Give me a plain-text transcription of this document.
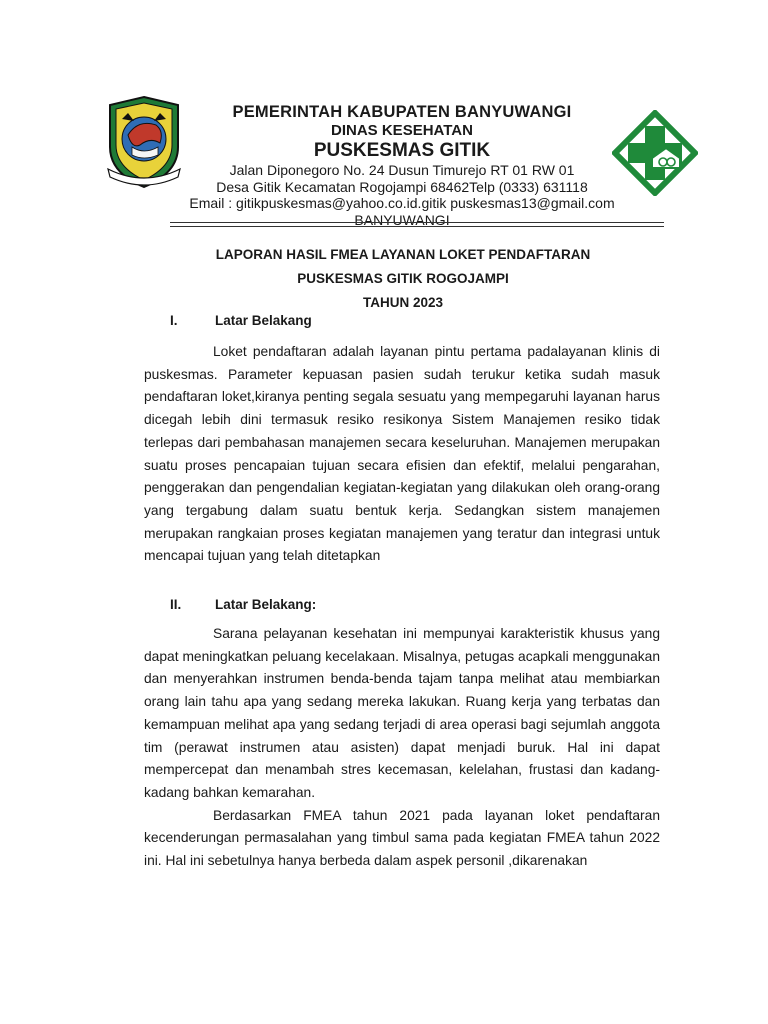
PEMERINTAH KABUPATEN BANYUWANGI
DINAS KESEHATAN
PUSKESMAS GITIK
Jalan Diponegoro No. 24 Dusun Timurejo RT 01 RW 01
Desa Gitik Kecamatan Rogojampi 68462Telp (0333) 631118
Email : gitikpuskesmas@yahoo.co.id.gitik puskesmas13@gmail.com
BANYUWANGI
LAPORAN HASIL FMEA LAYANAN LOKET PENDAFTARAN
PUSKESMAS GITIK ROGOJAMPI
TAHUN 2023
I.	Latar Belakang

Loket pendaftaran adalah layanan pintu pertama padalayanan klinis di puskesmas. Parameter kepuasan pasien sudah terukur ketika sudah masuk pendaftaran loket,kiranya penting segala sesuatu yang mempegaruhi layanan harus dicegah lebih dini termasuk resiko resikonya Sistem Manajemen resiko tidak terlepas dari pembahasan manajemen secara keseluruhan. Manajemen merupakan suatu proses pencapaian tujuan secara efisien dan efektif, melalui pengarahan, penggerakan dan pengendalian kegiatan-kegiatan yang dilakukan oleh orang-orang yang tergabung dalam suatu bentuk kerja. Sedangkan sistem manajemen merupakan rangkaian proses kegiatan manajemen yang teratur dan integrasi untuk mencapai tujuan yang telah ditetapkan

II. Latar Belakang:

Sarana pelayanan kesehatan ini mempunyai karakteristik khusus yang dapat meningkatkan peluang kecelakaan. Misalnya, petugas acapkali menggunakan dan menyerahkan instrumen benda-benda tajam tanpa melihat atau membiarkan orang lain tahu apa yang sedang mereka lakukan. Ruang kerja yang terbatas dan kemampuan melihat apa yang sedang terjadi di area operasi bagi sejumlah anggota tim (perawat instrumen atau asisten) dapat menjadi buruk. Hal ini dapat mempercepat dan menambah stres kecemasan, kelelahan, frustasi dan kadang-kadang bahkan kemarahan.

Berdasarkan FMEA tahun 2021 pada layanan loket pendaftaran kecenderungan permasalahan yang timbul sama pada kegiatan FMEA tahun 2022 ini. Hal ini sebetulnya hanya berbeda dalam aspek personil ,dikarenakan
